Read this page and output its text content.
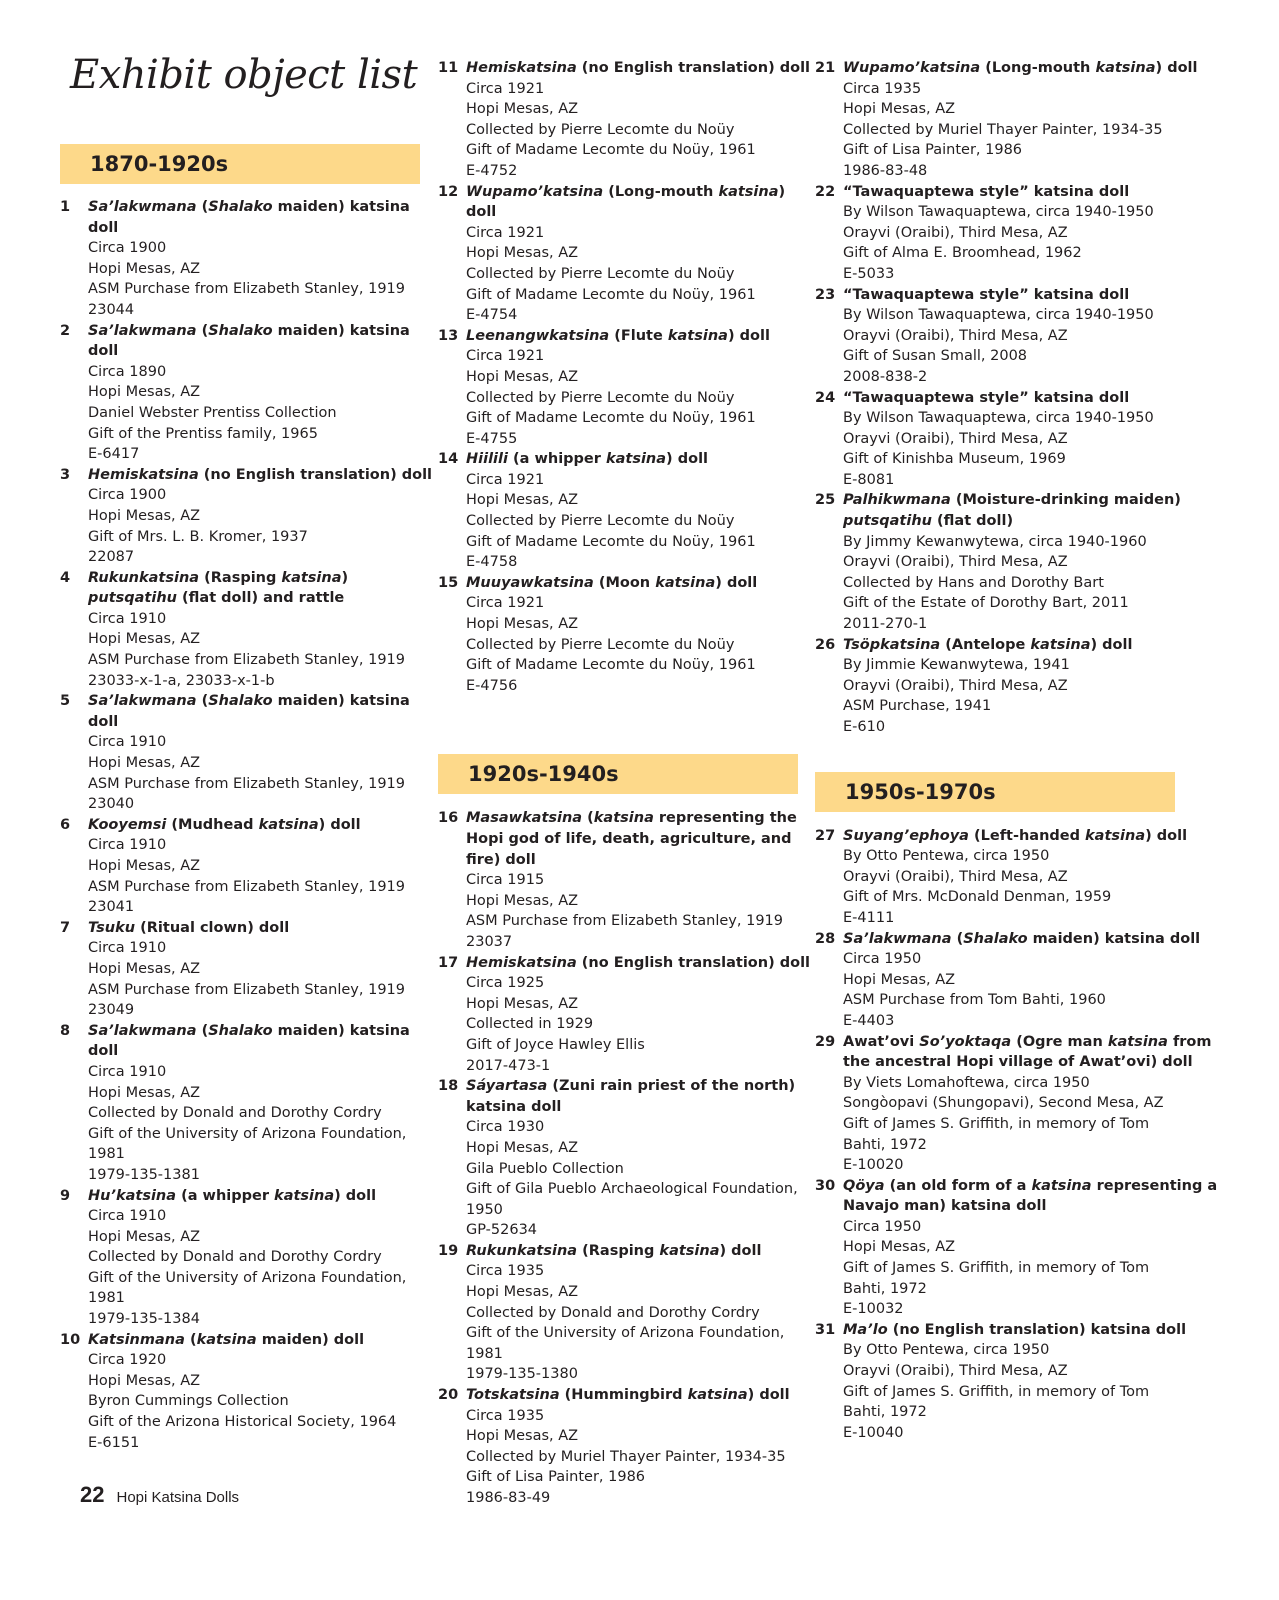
Exhibit object list
1870-1920s
1	Sa’lakwmana (Shalako maiden) katsina doll
Circa 1900
Hopi Mesas, AZ
ASM Purchase from Elizabeth Stanley, 1919
23044
2	Sa’lakwmana (Shalako maiden) katsina doll
Circa 1890
Hopi Mesas, AZ
Daniel Webster Prentiss Collection
Gift of the Prentiss family, 1965
E-6417
3	Hemiskatsina (no English translation) doll
Circa 1900
Hopi Mesas, AZ
Gift of Mrs. L. B. Kromer, 1937
22087
4	Rukunkatsina (Rasping katsina) putsqatihu (flat doll) and rattle
Circa 1910
Hopi Mesas, AZ
ASM Purchase from Elizabeth Stanley, 1919
23033-x-1-a, 23033-x-1-b
5	Sa’lakwmana (Shalako maiden) katsina doll
Circa 1910
Hopi Mesas, AZ
ASM Purchase from Elizabeth Stanley, 1919
23040
6	Kooyemsi (Mudhead katsina) doll
Circa 1910
Hopi Mesas, AZ
ASM Purchase from Elizabeth Stanley, 1919
23041
7	Tsuku (Ritual clown) doll
Circa 1910
Hopi Mesas, AZ
ASM Purchase from Elizabeth Stanley, 1919
23049
8	Sa’lakwmana (Shalako maiden) katsina doll
Circa 1910
Hopi Mesas, AZ
Collected by Donald and Dorothy Cordry
Gift of the University of Arizona Foundation,
1981
1979-135-1381
9	Hu’katsina (a whipper katsina) doll
Circa 1910
Hopi Mesas, AZ
Collected by Donald and Dorothy Cordry
Gift of the University of Arizona Foundation,
1981
1979-135-1384
10 Katsinmana (katsina maiden) doll
Circa 1920
Hopi Mesas, AZ
Byron Cummings Collection
Gift of the Arizona Historical Society, 1964
E-6151
11 Hemiskatsina (no English translation) doll
Circa 1921
Hopi Mesas, AZ
Collected by Pierre Lecomte du Noüy
Gift of Madame Lecomte du Noüy, 1961
E-4752
12 Wupamo’katsina (Long-mouth katsina) doll
Circa 1921
Hopi Mesas, AZ
Collected by Pierre Lecomte du Noüy
Gift of Madame Lecomte du Noüy, 1961
E-4754
13 Leenangwkatsina (Flute katsina) doll
Circa 1921
Hopi Mesas, AZ
Collected by Pierre Lecomte du Noüy
Gift of Madame Lecomte du Noüy, 1961
E-4755
14 Hiilili (a whipper katsina) doll
Circa 1921
Hopi Mesas, AZ
Collected by Pierre Lecomte du Noüy
Gift of Madame Lecomte du Noüy, 1961
E-4758
15 Muuyawkatsina (Moon katsina) doll
Circa 1921
Hopi Mesas, AZ
Collected by Pierre Lecomte du Noüy
Gift of Madame Lecomte du Noüy, 1961
E-4756
1920s-1940s
16 Masawkatsina (katsina representing the Hopi god of life, death, agriculture, and fire) doll
Circa 1915
Hopi Mesas, AZ
ASM Purchase from Elizabeth Stanley, 1919
23037
17 Hemiskatsina (no English translation) doll
Circa 1925
Hopi Mesas, AZ
Collected in 1929
Gift of Joyce Hawley Ellis
2017-473-1
18 Sáyartasa (Zuni rain priest of the north) katsina doll
Circa 1930
Hopi Mesas, AZ
Gila Pueblo Collection
Gift of Gila Pueblo Archaeological Foundation,
1950
GP-52634
19 Rukunkatsina (Rasping katsina) doll
Circa 1935
Hopi Mesas, AZ
Collected by Donald and Dorothy Cordry
Gift of the University of Arizona Foundation,
1981
1979-135-1380
20 Totskatsina (Hummingbird katsina) doll
Circa 1935
Hopi Mesas, AZ
Collected by Muriel Thayer Painter, 1934-35
Gift of Lisa Painter, 1986
1986-83-49
21 Wupamo’katsina (Long-mouth katsina) doll
Circa 1935
Hopi Mesas, AZ
Collected by Muriel Thayer Painter, 1934-35
Gift of Lisa Painter, 1986
1986-83-48
22 “Tawaquaptewa style” katsina doll
By Wilson Tawaquaptewa, circa 1940-1950
Orayvi (Oraibi), Third Mesa, AZ
Gift of Alma E. Broomhead, 1962
E-5033
23 “Tawaquaptewa style” katsina doll
By Wilson Tawaquaptewa, circa 1940-1950
Orayvi (Oraibi), Third Mesa, AZ
Gift of Susan Small, 2008
2008-838-2
24 “Tawaquaptewa style” katsina doll
By Wilson Tawaquaptewa, circa 1940-1950
Orayvi (Oraibi), Third Mesa, AZ
Gift of Kinishba Museum, 1969
E-8081
25 Palhikwmana (Moisture-drinking maiden) putsqatihu (flat doll)
By Jimmy Kewanwytewa, circa 1940-1960
Orayvi (Oraibi), Third Mesa, AZ
Collected by Hans and Dorothy Bart
Gift of the Estate of Dorothy Bart, 2011
2011-270-1
26 Tsöpkatsina (Antelope katsina) doll
By Jimmie Kewanwytewa, 1941
Orayvi (Oraibi), Third Mesa, AZ
ASM Purchase, 1941
E-610
1950s-1970s
27 Suyang’ephoya (Left-handed katsina) doll
By Otto Pentewa, circa 1950
Orayvi (Oraibi), Third Mesa, AZ
Gift of Mrs. McDonald Denman, 1959
E-4111
28 Sa’lakwmana (Shalako maiden) katsina doll
Circa 1950
Hopi Mesas, AZ
ASM Purchase from Tom Bahti, 1960
E-4403
29 Awat’ovi So’yoktaqa (Ogre man katsina from the ancestral Hopi village of Awat’ovi) doll
By Viets Lomahoftewa, circa 1950
Songòopavi (Shungopavi), Second Mesa, AZ
Gift of James S. Griffith, in memory of Tom
Bahti, 1972
E-10020
30 Qöya (an old form of a katsina representing a Navajo man) katsina doll
Circa 1950
Hopi Mesas, AZ
Gift of James S. Griffith, in memory of Tom
Bahti, 1972
E-10032
31 Ma’lo (no English translation) katsina doll
By Otto Pentewa, circa 1950
Orayvi (Oraibi), Third Mesa, AZ
Gift of James S. Griffith, in memory of Tom
Bahti, 1972
E-10040
22 Hopi Katsina Dolls
